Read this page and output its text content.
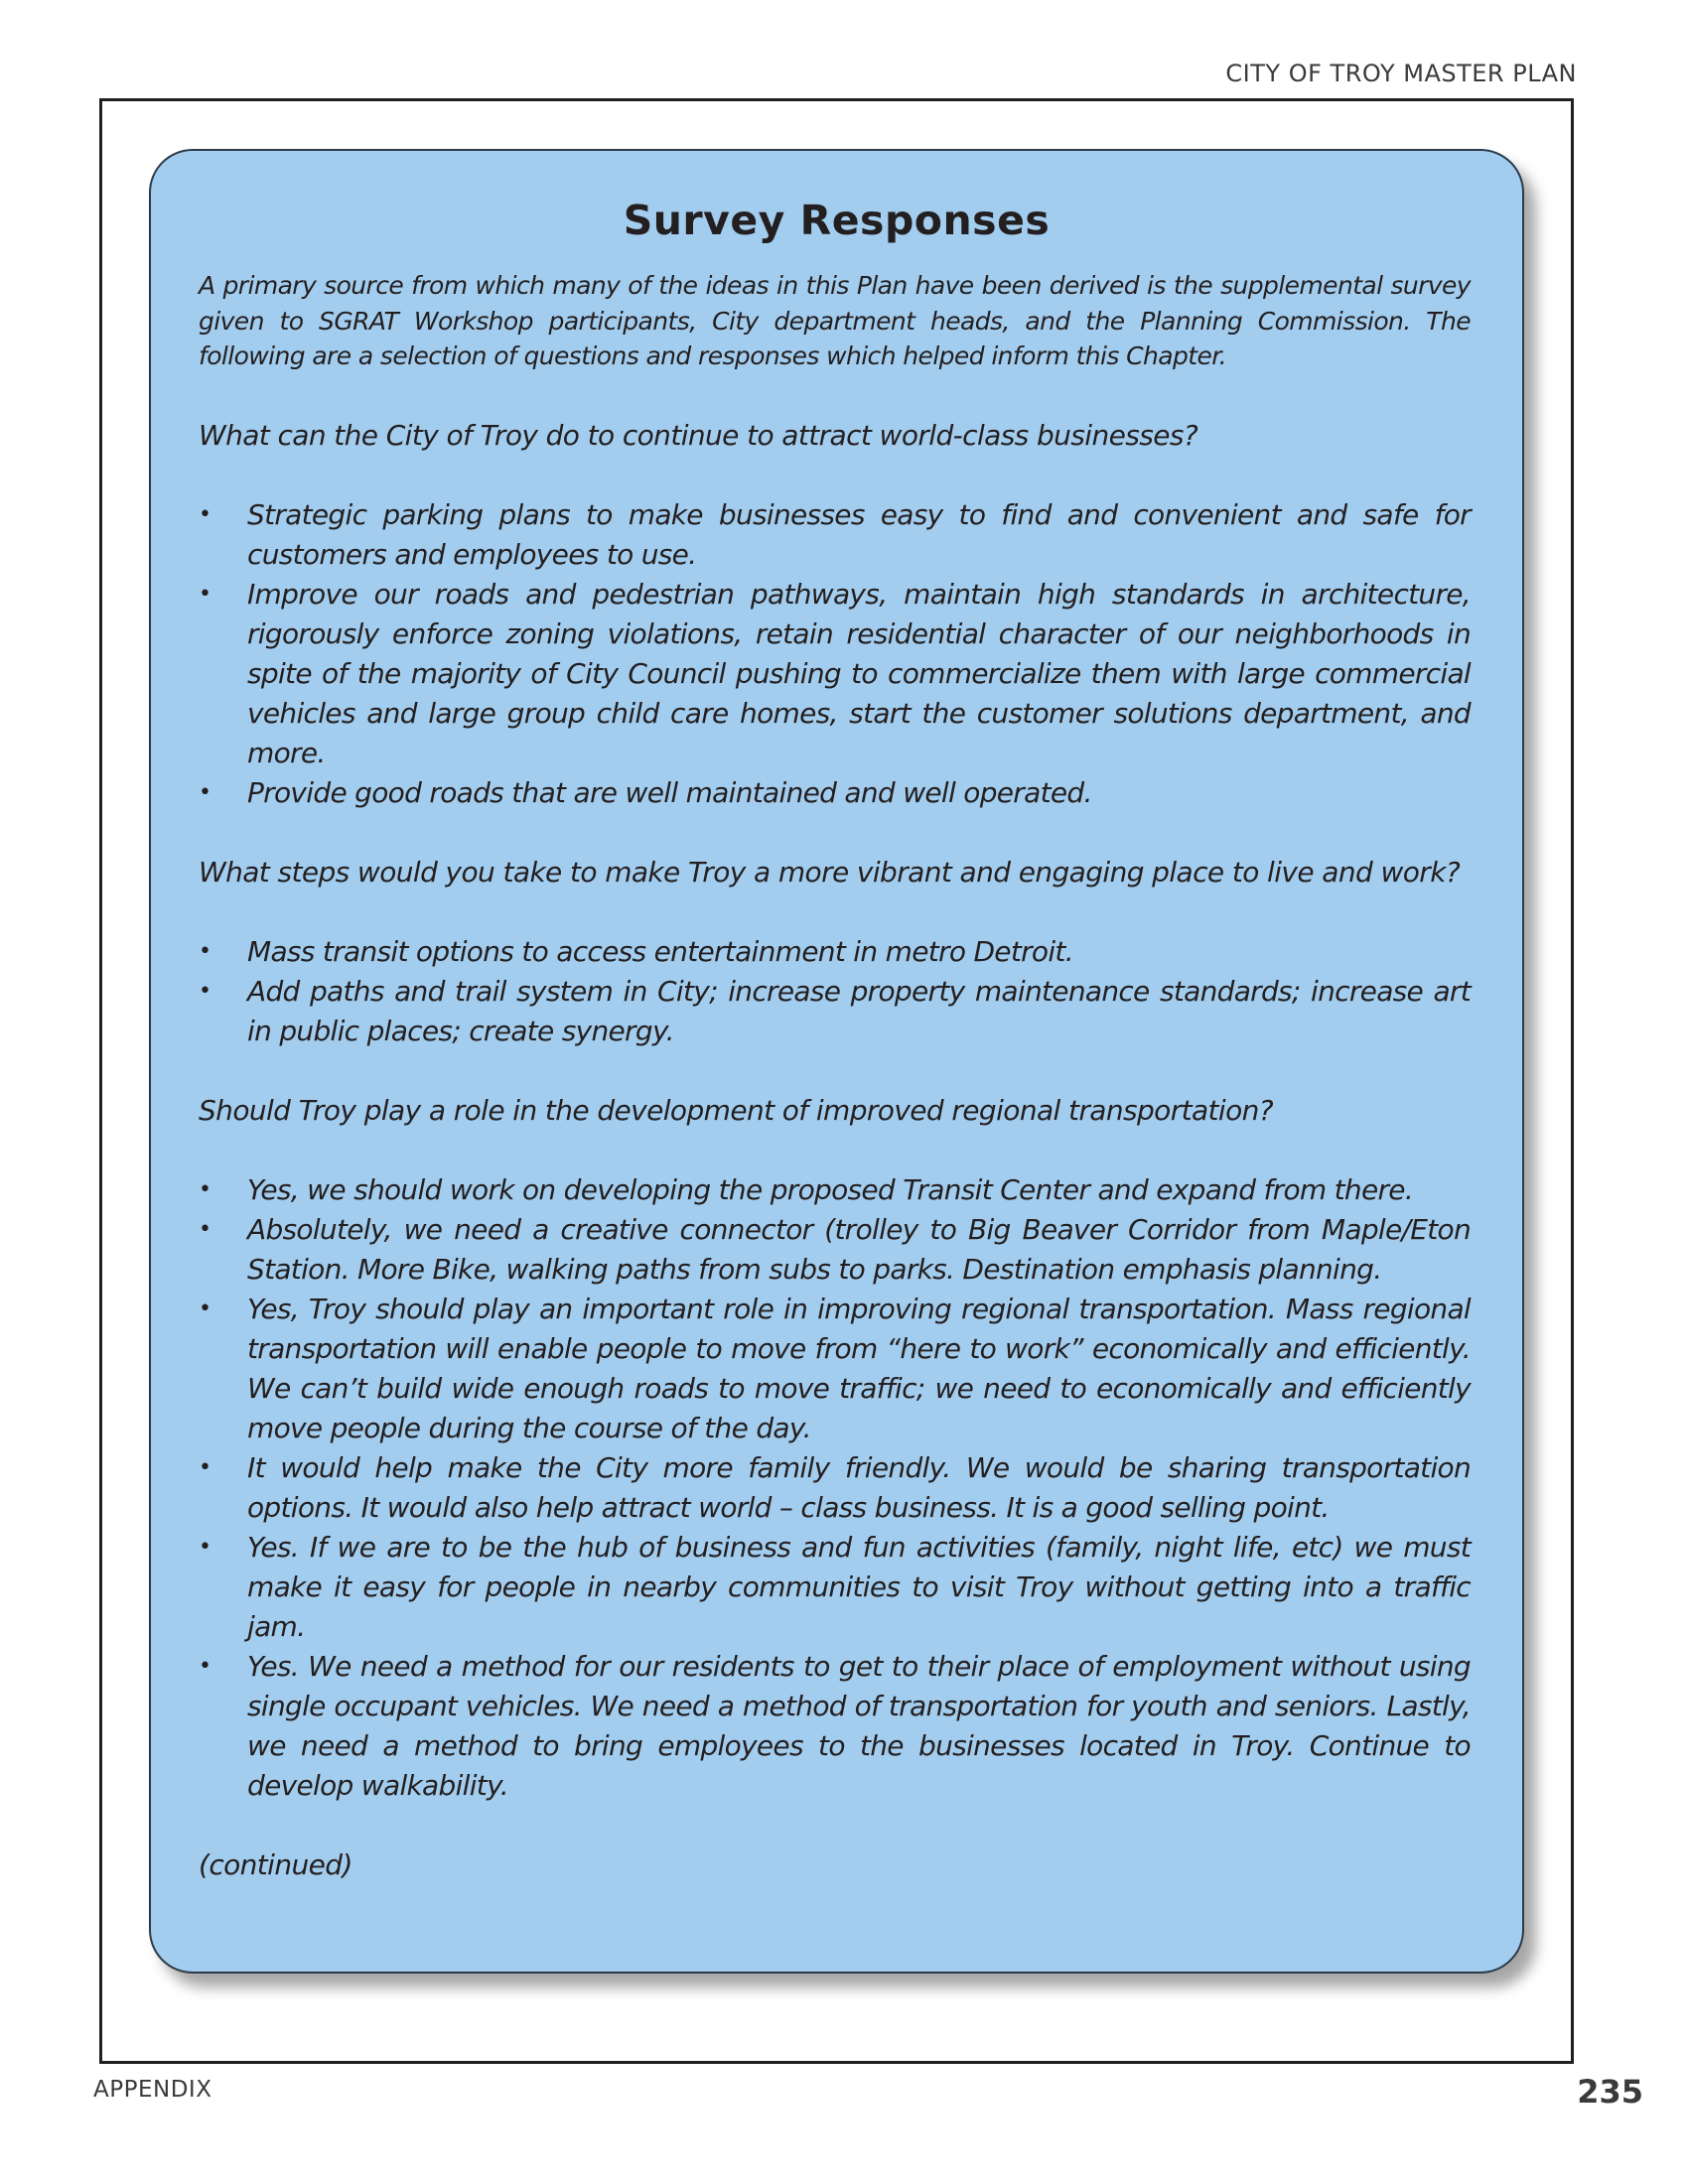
CITY OF TROY MASTER PLAN
Survey Responses

A primary source from which many of the ideas in this Plan have been derived is the supplemental survey given to SGRAT Workshop participants, City department heads, and the Planning Commission. The following are a selection of questions and responses which helped inform this Chapter.

What can the City of Troy do to continue to attract world-class businesses?

• Strategic parking plans to make businesses easy to find and convenient and safe for customers and employees to use.
• Improve our roads and pedestrian pathways, maintain high standards in architecture, rigorously enforce zoning violations, retain residential character of our neighborhoods in spite of the majority of City Council pushing to commercialize them with large commercial vehicles and large group child care homes, start the customer solutions department, and more.
• Provide good roads that are well maintained and well operated.

What steps would you take to make Troy a more vibrant and engaging place to live and work?

• Mass transit options to access entertainment in metro Detroit.
• Add paths and trail system in City; increase property maintenance standards; increase art in public places; create synergy.

Should Troy play a role in the development of improved regional transportation?

• Yes, we should work on developing the proposed Transit Center and expand from there.
• Absolutely, we need a creative connector (trolley to Big Beaver Corridor from Maple/Eton Station. More Bike, walking paths from subs to parks. Destination emphasis planning.
• Yes, Troy should play an important role in improving regional transportation. Mass regional transportation will enable people to move from “here to work” economically and efficiently. We can’t build wide enough roads to move traffic; we need to economically and efficiently move people during the course of the day.
• It would help make the City more family friendly. We would be sharing transportation options. It would also help attract world – class business. It is a good selling point.
• Yes. If we are to be the hub of business and fun activities (family, night life, etc) we must make it easy for people in nearby communities to visit Troy without getting into a traffic jam.
• Yes. We need a method for our residents to get to their place of employment without using single occupant vehicles. We need a method of transportation for youth and seniors. Lastly, we need a method to bring employees to the businesses located in Troy. Continue to develop walkability.

(continued)

APPENDIX	235
